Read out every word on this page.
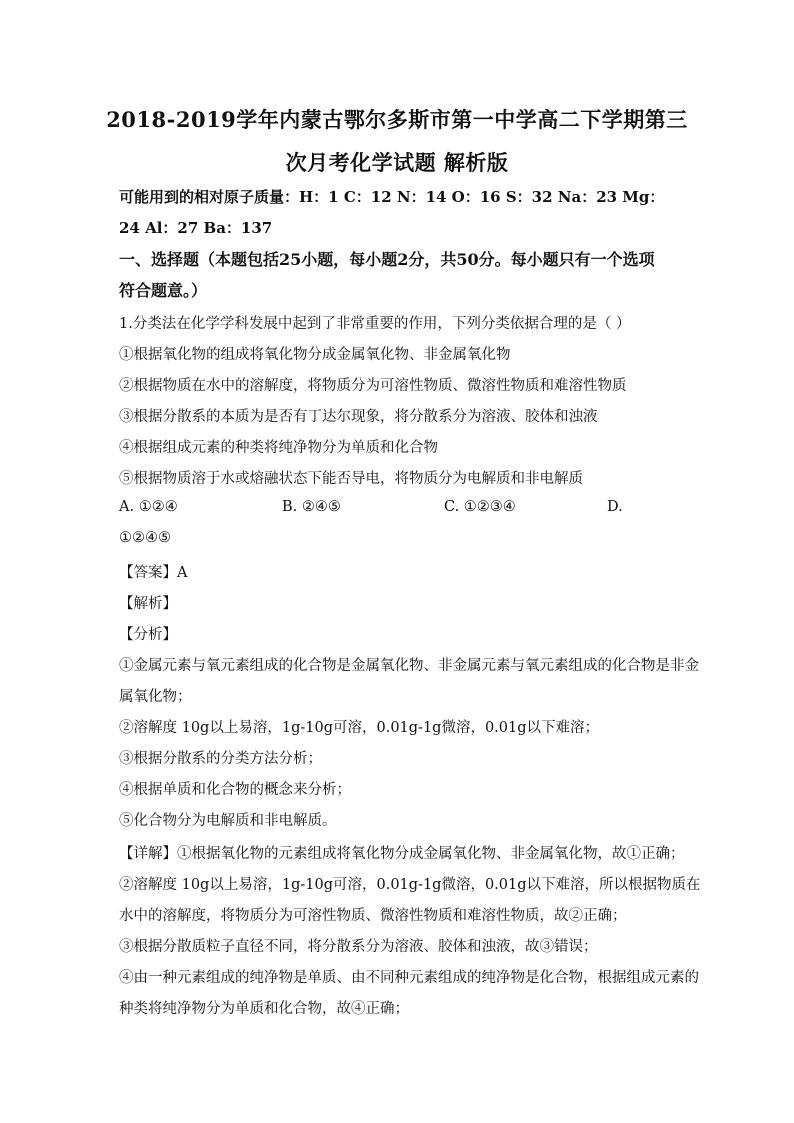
2018-2019学年内蒙古鄂尔多斯市第一中学高二下学期第三
次月考化学试题 解析版
可能用到的相对原子质量：H：1 C：12 N：14 O：16 S：32 Na：23 Mg：
24 Al：27 Ba：137
一、选择题（本题包括25小题，每小题2分，共50分。每小题只有一个选项
符合题意。）
1.分类法在化学学科发展中起到了非常重要的作用，下列分类依据合理的是（ ）
①根据氧化物的组成将氧化物分成金属氧化物、非金属氧化物
②根据物质在水中的溶解度，将物质分为可溶性物质、微溶性物质和难溶性物质
③根据分散系的本质为是否有丁达尔现象，将分散系分为溶液、胶体和浊液
④根据组成元素的种类将纯净物分为单质和化合物
⑤根据物质溶于水或熔融状态下能否导电，将物质分为电解质和非电解质
A. ①②④	B. ②④⑤	C. ①②③④	D.
①②④⑤
【答案】A
【解析】
【分析】
①金属元素与氧元素组成的化合物是金属氧化物、非金属元素与氧元素组成的化合物是非金
属氧化物；
②溶解度 10g以上易溶，1g-10g可溶，0.01g-1g微溶，0.01g以下难溶；
③根据分散系的分类方法分析；
④根据单质和化合物的概念来分析；
⑤化合物分为电解质和非电解质。
【详解】①根据氧化物的元素组成将氧化物分成金属氧化物、非金属氧化物，故①正确；
②溶解度 10g以上易溶，1g-10g可溶，0.01g-1g微溶，0.01g以下难溶，所以根据物质在
水中的溶解度，将物质分为可溶性物质、微溶性物质和难溶性物质，故②正确；
③根据分散质粒子直径不同，将分散系分为溶液、胶体和浊液，故③错误；
④由一种元素组成的纯净物是单质、由不同种元素组成的纯净物是化合物，根据组成元素的
种类将纯净物分为单质和化合物，故④正确；
